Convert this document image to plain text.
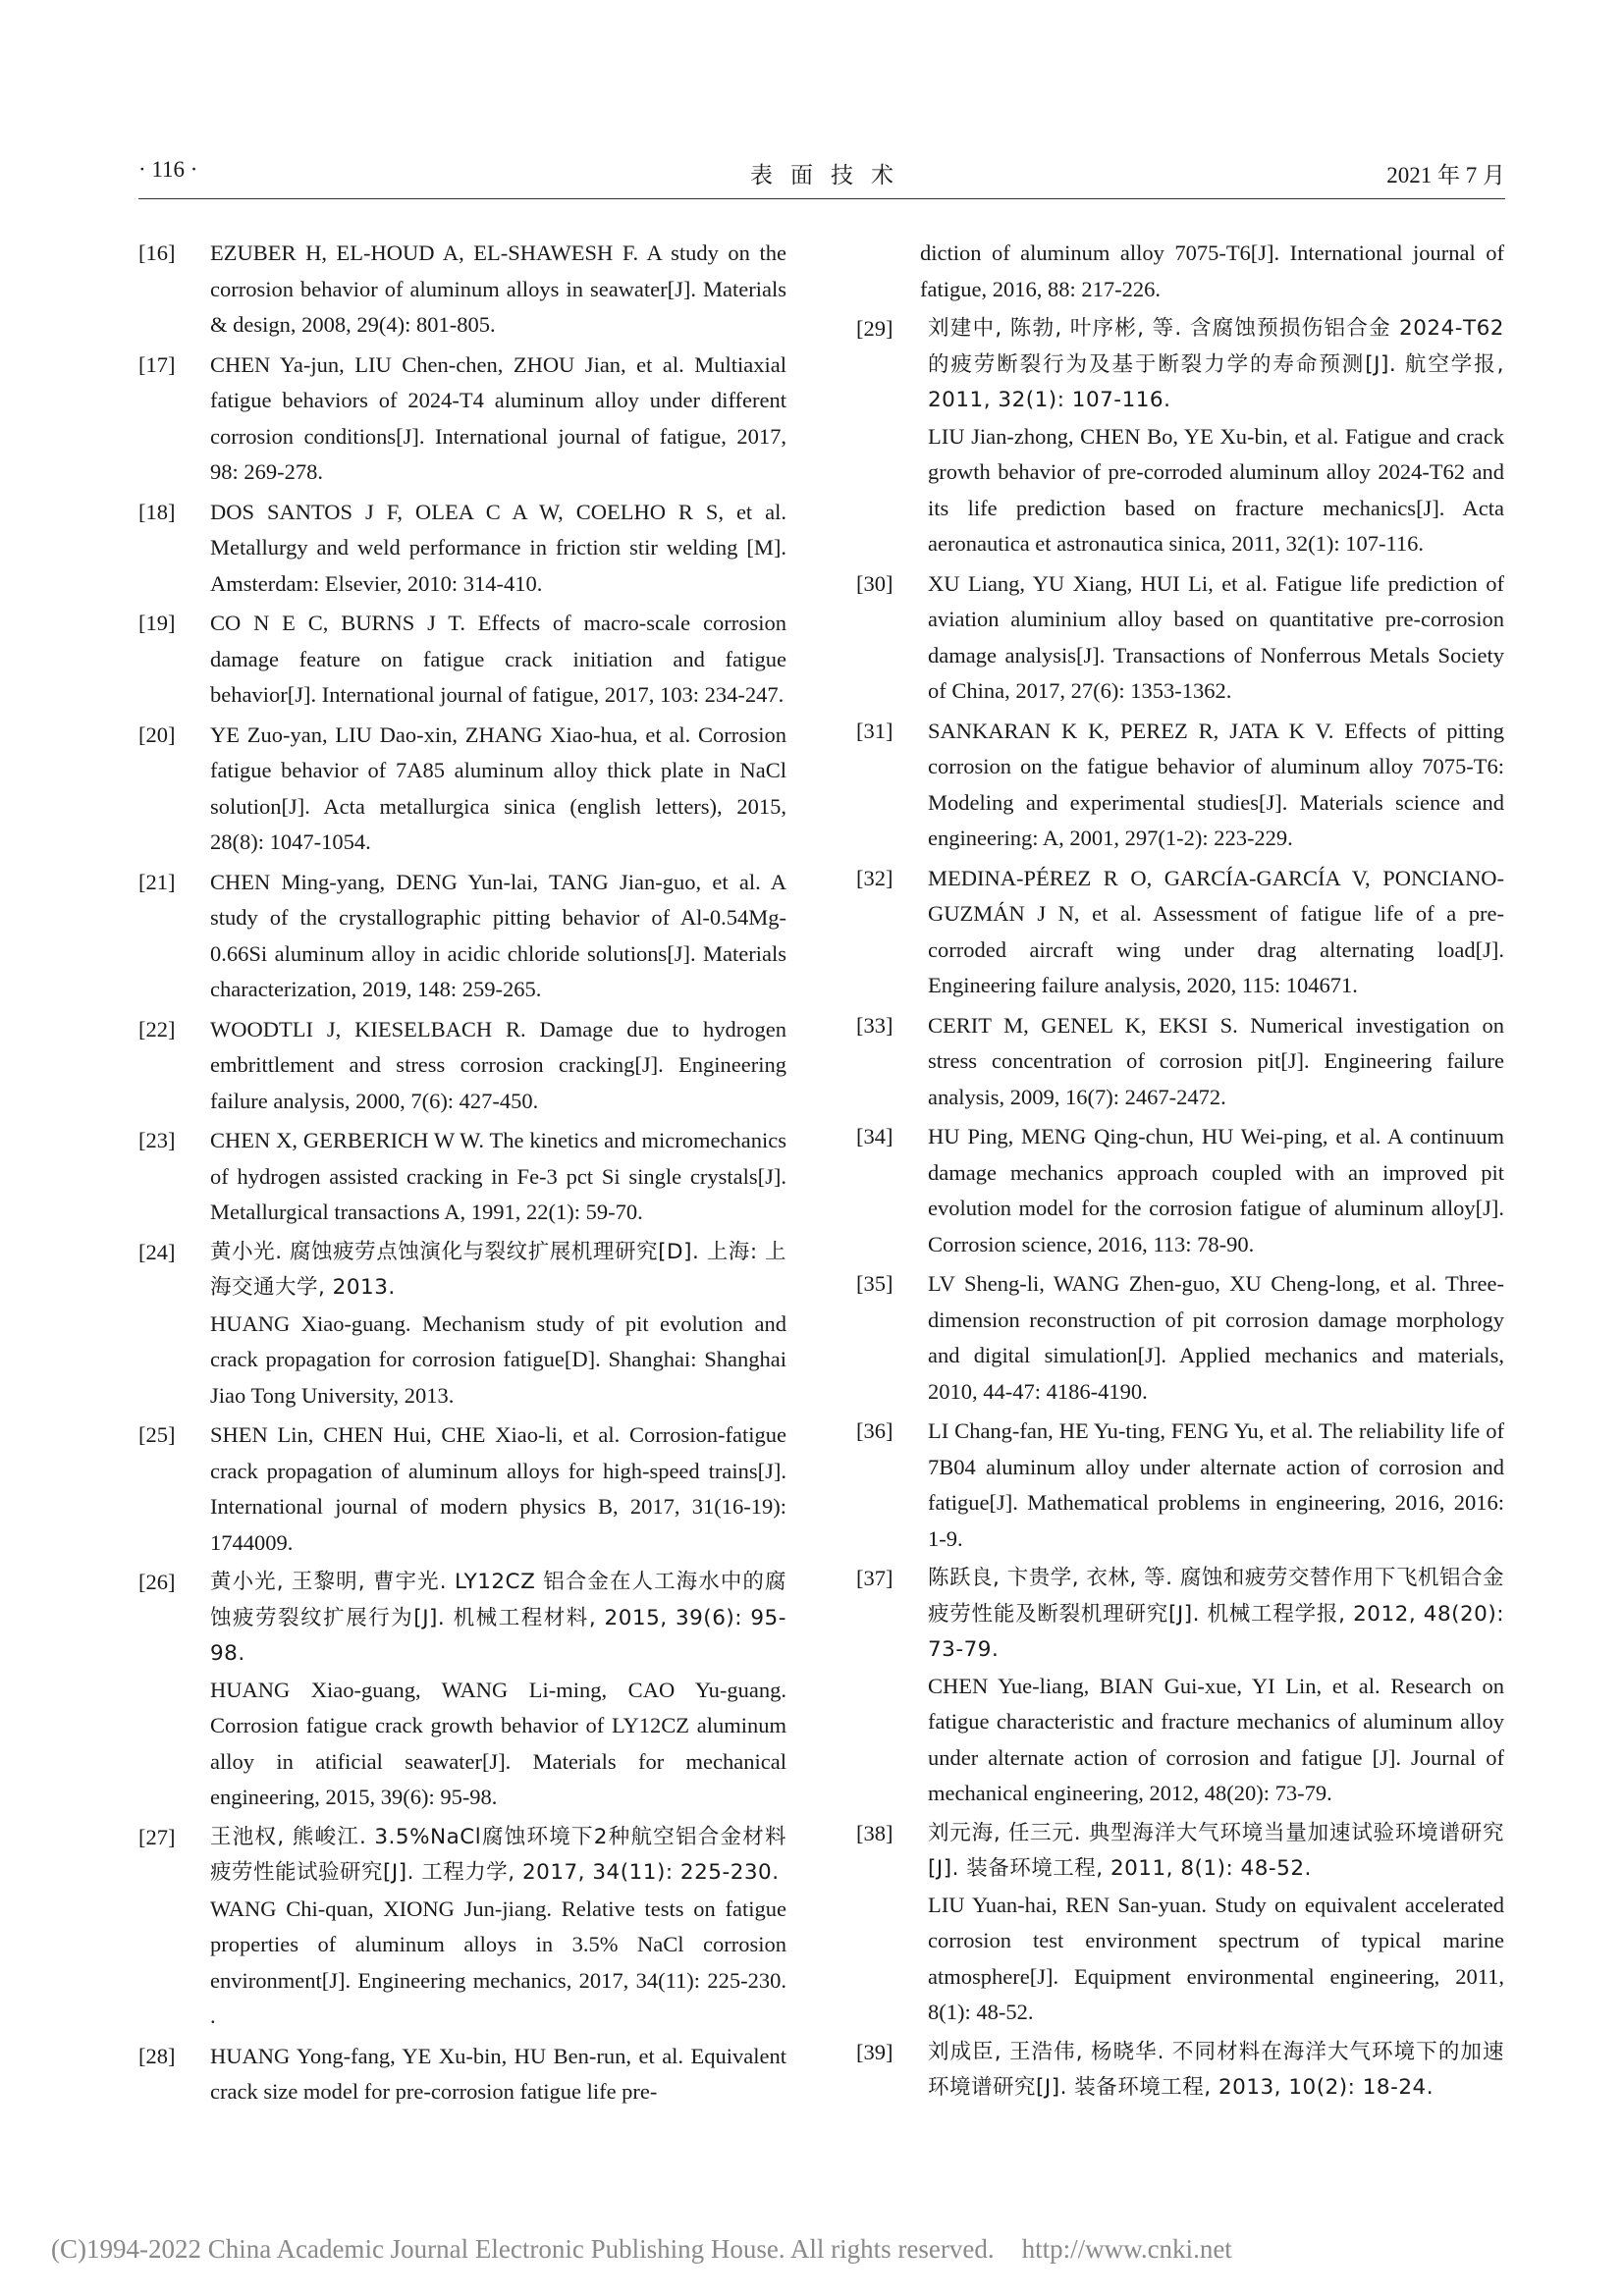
· 116 ·	表面技术	2021 年 7 月
[16] EZUBER H, EL-HOUD A, EL-SHAWESH F. A study on the corrosion behavior of aluminum alloys in seawater[J]. Materials & design, 2008, 29(4): 801-805.

[17] CHEN Ya-jun, LIU Chen-chen, ZHOU Jian, et al. Multiaxial fatigue behaviors of 2024-T4 aluminum alloy under different corrosion conditions[J]. International journal of fatigue, 2017, 98: 269-278.

[18] DOS SANTOS J F, OLEA C A W, COELHO R S, et al. Metallurgy and weld performance in friction stir welding [M]. Amsterdam: Elsevier, 2010: 314-410.

[19] CO N E C, BURNS J T. Effects of macro-scale corrosion damage feature on fatigue crack initiation and fatigue behavior[J]. International journal of fatigue, 2017, 103: 234-247.

[20] YE Zuo-yan, LIU Dao-xin, ZHANG Xiao-hua, et al. Corrosion fatigue behavior of 7A85 aluminum alloy thick plate in NaCl solution[J]. Acta metallurgica sinica (english letters), 2015, 28(8): 1047-1054.

[21] CHEN Ming-yang, DENG Yun-lai, TANG Jian-guo, et al. A study of the crystallographic pitting behavior of Al-0.54Mg-0.66Si aluminum alloy in acidic chloride solutions[J]. Materials characterization, 2019, 148: 259-265.

[22] WOODTLI J, KIESELBACH R. Damage due to hydrogen embrittlement and stress corrosion cracking[J]. Engineering failure analysis, 2000, 7(6): 427-450.

[23] CHEN X, GERBERICH W W. The kinetics and micromechanics of hydrogen assisted cracking in Fe-3 pct Si single crystals[J]. Metallurgical transactions A, 1991, 22(1): 59-70.

[24] 黄小光. 腐蚀疲劳点蚀演化与裂纹扩展机理研究[D]. 上海: 上海交通大学, 2013.

HUANG Xiao-guang. Mechanism study of pit evolution and crack propagation for corrosion fatigue[D]. Shanghai: Shanghai Jiao Tong University, 2013.

[25] SHEN Lin, CHEN Hui, CHE Xiao-li, et al. Corrosion-fatigue crack propagation of aluminum alloys for high-speed trains[J]. International journal of modern physics B, 2017, 31(16-19): 1744009.

[26] 黄小光, 王黎明, 曹宇光. LY12CZ 铝合金在人工海水中的腐蚀疲劳裂纹扩展行为[J]. 机械工程材料, 2015, 39(6): 95-98.

HUANG Xiao-guang, WANG Li-ming, CAO Yu-guang. Corrosion fatigue crack growth behavior of LY12CZ aluminum alloy in atificial seawater[J]. Materials for mechanical engineering, 2015, 39(6): 95-98.

[27] 王池权, 熊峻江. 3.5%NaCl腐蚀环境下2种航空铝合金材料疲劳性能试验研究[J]. 工程力学, 2017, 34(11): 225-230.

WANG Chi-quan, XIONG Jun-jiang. Relative tests on fatigue properties of aluminum alloys in 3.5% NaCl corrosion environment[J]. Engineering mechanics, 2017, 34(11): 225-230. .

[28] HUANG Yong-fang, YE Xu-bin, HU Ben-run, et al. Equivalent crack size model for pre-corrosion fatigue life pre-

diction of aluminum alloy 7075-T6[J]. International journal of fatigue, 2016, 88: 217-226.

[29] 刘建中, 陈勃, 叶序彬, 等. 含腐蚀预损伤铝合金 2024-T62 的疲劳断裂行为及基于断裂力学的寿命预测[J]. 航空学报, 2011, 32(1): 107-116.

LIU Jian-zhong, CHEN Bo, YE Xu-bin, et al. Fatigue and crack growth behavior of pre-corroded aluminum alloy 2024-T62 and its life prediction based on fracture mechanics[J]. Acta aeronautica et astronautica sinica, 2011, 32(1): 107-116.

[30] XU Liang, YU Xiang, HUI Li, et al. Fatigue life prediction of aviation aluminium alloy based on quantitative pre-corrosion damage analysis[J]. Transactions of Nonferrous Metals Society of China, 2017, 27(6): 1353-1362.

[31] SANKARAN K K, PEREZ R, JATA K V. Effects of pitting corrosion on the fatigue behavior of aluminum alloy 7075-T6: Modeling and experimental studies[J]. Materials science and engineering: A, 2001, 297(1-2): 223-229.

[32] MEDINA-PÉREZ R O, GARCÍA-GARCÍA V, PONCIANO-GUZMÁN J N, et al. Assessment of fatigue life of a pre-corroded aircraft wing under drag alternating load[J]. Engineering failure analysis, 2020, 115: 104671.

[33] CERIT M, GENEL K, EKSI S. Numerical investigation on stress concentration of corrosion pit[J]. Engineering failure analysis, 2009, 16(7): 2467-2472.

[34] HU Ping, MENG Qing-chun, HU Wei-ping, et al. A continuum damage mechanics approach coupled with an improved pit evolution model for the corrosion fatigue of aluminum alloy[J]. Corrosion science, 2016, 113: 78-90.

[35] LV Sheng-li, WANG Zhen-guo, XU Cheng-long, et al. Three-dimension reconstruction of pit corrosion damage morphology and digital simulation[J]. Applied mechanics and materials, 2010, 44-47: 4186-4190.

[36] LI Chang-fan, HE Yu-ting, FENG Yu, et al. The reliability life of 7B04 aluminum alloy under alternate action of corrosion and fatigue[J]. Mathematical problems in engineering, 2016, 2016: 1-9.

[37] 陈跃良, 卞贵学, 衣林, 等. 腐蚀和疲劳交替作用下飞机铝合金疲劳性能及断裂机理研究[J]. 机械工程学报, 2012, 48(20): 73-79.

CHEN Yue-liang, BIAN Gui-xue, YI Lin, et al. Research on fatigue characteristic and fracture mechanics of aluminum alloy under alternate action of corrosion and fatigue [J]. Journal of mechanical engineering, 2012, 48(20): 73-79.

[38] 刘元海, 任三元. 典型海洋大气环境当量加速试验环境谱研究[J]. 装备环境工程, 2011, 8(1): 48-52.

LIU Yuan-hai, REN San-yuan. Study on equivalent accelerated corrosion test environment spectrum of typical marine atmosphere[J]. Equipment environmental engineering, 2011, 8(1): 48-52.

[39] 刘成臣, 王浩伟, 杨晓华. 不同材料在海洋大气环境下的加速环境谱研究[J]. 装备环境工程, 2013, 10(2): 18-24.

(C)1994-2022 China Academic Journal Electronic Publishing House. All rights reserved. http://www.cnki.net
